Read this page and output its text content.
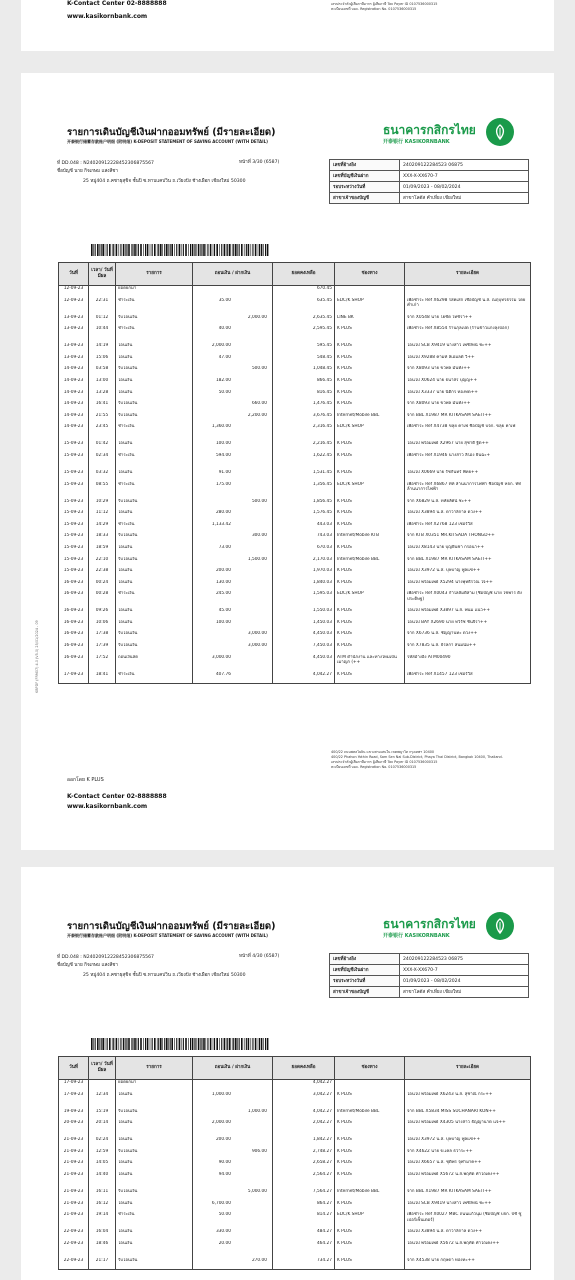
K-Contact Center 02-8888888
www.kasikornbank.com
เลขประจำตัวผู้เสียภาษีอากร ผู้เสียภาษี Tax Payer ID 0107536000315
ทะเบียนเลขที่ บมจ. Registration No. 0107536000315
รายการเดินบัญชีเงินฝากออมทรัพย์ (มีรายละเอียด)
开泰银行储蓄存款账户明细 (附明细) K-DEPOSIT STATEMENT OF SAVING ACCOUNT (WITH DETAIL)
ธนาคารกสิกรไทย
开泰银行 KASIKORNBANK
ที่ DD.048 : N24020912228452306875567	หน้าที่ 3/30 (6587)
ชื่อบัญชี นาย กิจเกษม แสงสีชา
25 หมู่404 ถ.คชาธุสุขิจ ชั้นปิ ซ.ทาบแคปวิน ถ.เวียงปัง ช้างเผือก เชียงใหม่ 50300
เลขที่อ้างอิง	240209122284523 06875
เลขที่บัญชีเงินฝาก	XXX-X-XX670-7
รอบระหว่างวันที่	01/09/2023 - 08/02/2024
สาขาเจ้าของบัญชี	สาขาโลตัส คำเที่ยง เชียงใหม่
วันที่	เวลา/ วันที่มีผล	รายการ	ถอนเงิน / ฝากเงิน	ยอดคงเหลือ	ช่องทาง	รายละเอียด
12-09-23		ยอดยกมา		670.45		
12-09-23	22:31	ชำระเงิน	35.00	635.45	EDC/K SHOP	เพื่อชำระ Ref X6298 รสคเส็ก เชื่อบัญชี น.ส. ณฤบุทรธรรม โดยคำเก่า
13-09-23	01:12	รับโอนเงิน	2,000.00	2,635.45	LINE BK	จาก X0548 นาย โยซัด ไทซีรา++
13-09-23	10:44	ชำระเงิน	40.00	2,595.45	K PLUS	เพื่อชำระ Ref X8554 ร้านกุลเป็ด (ร้านข้าวแกงลุงบ้อก)
13-09-23	14:19	โอนเงิน	2,000.00	595.45	K PLUS	โอนไป SCB X9419 นางสาว เพชิงัทน์ ชะ++
13-09-23	15:06	โอนเงิน	47.00	548.45	K PLUS	โอนไป X9288 คามท์ ลีเอ็มลดี วิ++
14-09-23	03:58	รับโอนเงิน	500.00	1,048.45	K PLUS	จาก X8093 นาย ขวพล มั่นทั้ง++
14-09-23	13:00	โอนเงิน	182.00	866.45	K PLUS	โอนไป X0624 นาย ธนาสร บุญญ++
14-09-23	13:28	โอนเงิน	50.00	816.45	K PLUS	โอนไป X3337 นาย นิติกร ทองทด++
14-09-23	16:41	รับโอนเงิน	660.00	1,476.45	K PLUS	จาก X8093 นาย ขวพล มั่นทั้ง++
14-09-23	21:55	รับโอนเงิน	2,200.00	3,676.45	Internet/Mobile BBL	จาก BBL X1987 MR KITKASAM SAETI++
14-09-23	23:45	ชำระเงิน	1,360.00	2,316.45	EDC/K SHOP	เพื่อชำระ Ref X4738 ขลุย คาเฟ่ ชื่อบัญชี บจก. ขลุย คาเฟ่
15-09-23	01:42	โอนเงิน	100.00	2,216.45	K PLUS	โอนไป พร้อมเพย์ X2967 นาย สุชาติ ฐิต++
15-09-23	02:34	ชำระเงิน	594.00	1,622.45	K PLUS	เพื่อชำระ Ref X1946 นางสาว ลิไอง ยินฉะ+
15-09-23	03:32	โอนเงิน	91.00	1,531.45	K PLUS	โอนไป X0669 นาย รัชกันทร์ พิทย++
15-09-23	08:55	ชำระเงิน	175.00	1,356.45	EDC/K SHOP	เพื่อชำระ Ref X6867 ทีที ล้านนาการไฟฟ้า ชื่อบัญชี หจก. ทีที ล้านนาการไฟฟ้า
15-09-23	10:29	รับโอนเงิน	500.00	1,856.45	K PLUS	จาก X6829 น.ส. ทหัยลัศน์ ชะ++
15-09-23	11:12	โอนเงิน	280.00	1,576.45	K PLUS	โอนไป X3894 น.ส. ดาวาลีกาล ดวง++
15-09-23	14:29	ชำระเงิน	1,133.42	443.03	K PLUS	เพื่อชำระ Ref X2768 123 เซอร์วิส
15-09-23	18:33	รับโอนเงิน	300.00	743.03	Internet/Mobile KTB	จาก KTB X0351 MR.KITSADA THONGD++
15-09-23	18:59	โอนเงิน	73.00	670.03	K PLUS	โอนไป X8143 นาย บุญยืนชา กรอนา++
15-09-23	22:10	รับโอนเงิน	1,500.00	2,170.03	Internet/Mobile BBL	จาก BBL X1987 MR KITKASAM SAETI++
15-09-23	22:38	โอนเงิน	200.00	1,970.03	K PLUS	โอนไป X3972 น.ส. บุษบาญ พูลแซ++
16-09-23	00:24	โอนเงิน	130.00	1,840.03	K PLUS	โอนไป พร้อมเพย์ X5294 นางพุทธิรวณ ใจ++
16-09-23	00:28	ชำระเงิน	245.00	1,595.03	EDC/K SHOP	เพื่อชำระ Ref X0043 กำไลส้มติสาม (ชื่อบัญชี นาย ไชพาร ตั้งประดิษฐ)
16-09-23	09:26	โอนเงิน	45.00	1,550.03	K PLUS	โอนไป พร้อมเพย์ X3897 น.ส. พนม แน่ว++
16-09-23	10:06	โอนเงิน	100.00	1,450.03	K PLUS	โอนไป BAY X2690 นาย ทวีรัช ชินจิรา++
16-09-23	17:38	รับโอนเงิน	3,000.00	4,450.03	K PLUS	จาก X6736 น.ส. ชัญญานทะ ดวง++
16-09-23	17:39	รับโอนเงิน	3,000.00	7,450.03	K PLUS	จาก X7835 น.ส. ธีรลกา สนมนีม++
16-09-23	17:52	ถอนเงินสด	3,000.00	4,450.03	ATM ตำนักงาน และทางใหม่เป้น เมาญก (++	รหัสอ้างอิง ATM00490
17-09-23	18:41	ชำระเงิน	407.76	4,042.27	K PLUS	เพื่อชำระ Ref X1457 123 เซอร์วิส
ออกโดย K PLUS
K-Contact Center 02-8888888
www.kasikornbank.com
400/22 ถนนพหลโยธิน แขวงสามเสนใน เขตพญาไท กรุงเทพฯ 10400
400/22 Phahon Yothin Road, Sam Sen Nai Sub-District, Phaya Thai District, Bangkok 10400, Thailand.
เลขประจำตัวผู้เสียภาษีอากร ผู้เสียภาษี Tax Payer ID 0107536000315
ทะเบียนเลขที่ บมจ. Registration No. 0107536000315
KBPDF (FRM07) 4.0 (V5.0) 25/01/2024 - 09
รายการเดินบัญชีเงินฝากออมทรัพย์ (มีรายละเอียด)
开泰银行储蓄存款账户明细 (附明细) K-DEPOSIT STATEMENT OF SAVING ACCOUNT (WITH DETAIL)
ธนาคารกสิกรไทย
开泰银行 KASIKORNBANK
ที่ DD.048 : N24020912228452306875567	หน้าที่ 4/30 (6587)
ชื่อบัญชี นาย กิจเกษม แสงสีชา
25 หมู่404 ถ.คชาธุสุขิจ ชั้นปิ ซ.ทาบแคปวิน ถ.เวียงปัง ช้างเผือก เชียงใหม่ 50300
เลขที่อ้างอิง	240209122284523 06875
เลขที่บัญชีเงินฝาก	XXX-X-XX670-7
รอบระหว่างวันที่	01/09/2023 - 08/02/2024
สาขาเจ้าของบัญชี	สาขาโลตัส คำเที่ยง เชียงใหม่
วันที่	เวลา/ วันที่มีผล	รายการ	ถอนเงิน / ฝากเงิน	ยอดคงเหลือ	ช่องทาง	รายละเอียด
17-09-23		ยอดยกมา		4,042.27		
17-09-23	12:34	โอนเงิน	1,000.00	3,042.27	K PLUS	โอนไป พร้อมเพย์ X6243 น.ส. สุชาณี กระ++
19-09-23	15:19	รับโอนเงิน	1,000.00	4,042.27	Internet/Mobile BBL	จาก BBL X5834 MISS SUCHANARI KON++
20-09-23	20:14	โอนเงิน	2,000.00	2,042.27	K PLUS	โอนไป พร้อมเพย์ X4305 นางสาว ธัญญานาต แจ++
21-09-23	02:24	โอนเงิน	200.00	1,842.27	K PLUS	โอนไป X3972 น.ส. บุษบาญ พูลแซ++
21-09-23	12:59	รับโอนเงิน	906.00	2,748.27	K PLUS	จาก X4622 นาย ฆ.เคล ธวาระ++
21-09-23	14:05	โอนเงิน	90.00	2,658.27	K PLUS	โอนไป X6657 น.ส. ชุติพร จุฬามาค++
21-09-23	14:40	โอนเงิน	94.00	2,564.27	K PLUS	โอนไป พร้อมเพย์ X5672 น.ส.พฤทัต คำไถเคง++
21-09-23	16:11	รับโอนเงิน	5,000.00	7,564.27	Internet/Mobile BBL	จาก BBL X1987 MR KITKASAM SAETI++
21-09-23	16:12	โอนเงิน	6,700.00	864.27	K PLUS	โอนไป SCB X9419 นางสาว เพชิงัทน์ ชะ++
21-09-23	19:14	ชำระเงิน	50.00	814.27	EDC/K SHOP	เพื่อชำระ Ref X0027 MBC ถนนแก้วนุ่ม (ชื่อบัญชี บจก. บี้ซั ซูเปอร์เซ็นเตอร์)
22-09-23	16:04	โอนเงิน	330.00	484.27	K PLUS	โอนไป X3894 น.ส. ดาวาลีกาล ดวง++
22-09-23	18:46	โอนเงิน	20.00	464.27	K PLUS	โอนไป พร้อมเพย์ X5672 น.ส.พฤทัต คำไถเคง++
22-09-23	21:17	รับโอนเงิน	270.00	734.27	K PLUS	จาก X4538 นาย กฤษดา ทองทะ++
